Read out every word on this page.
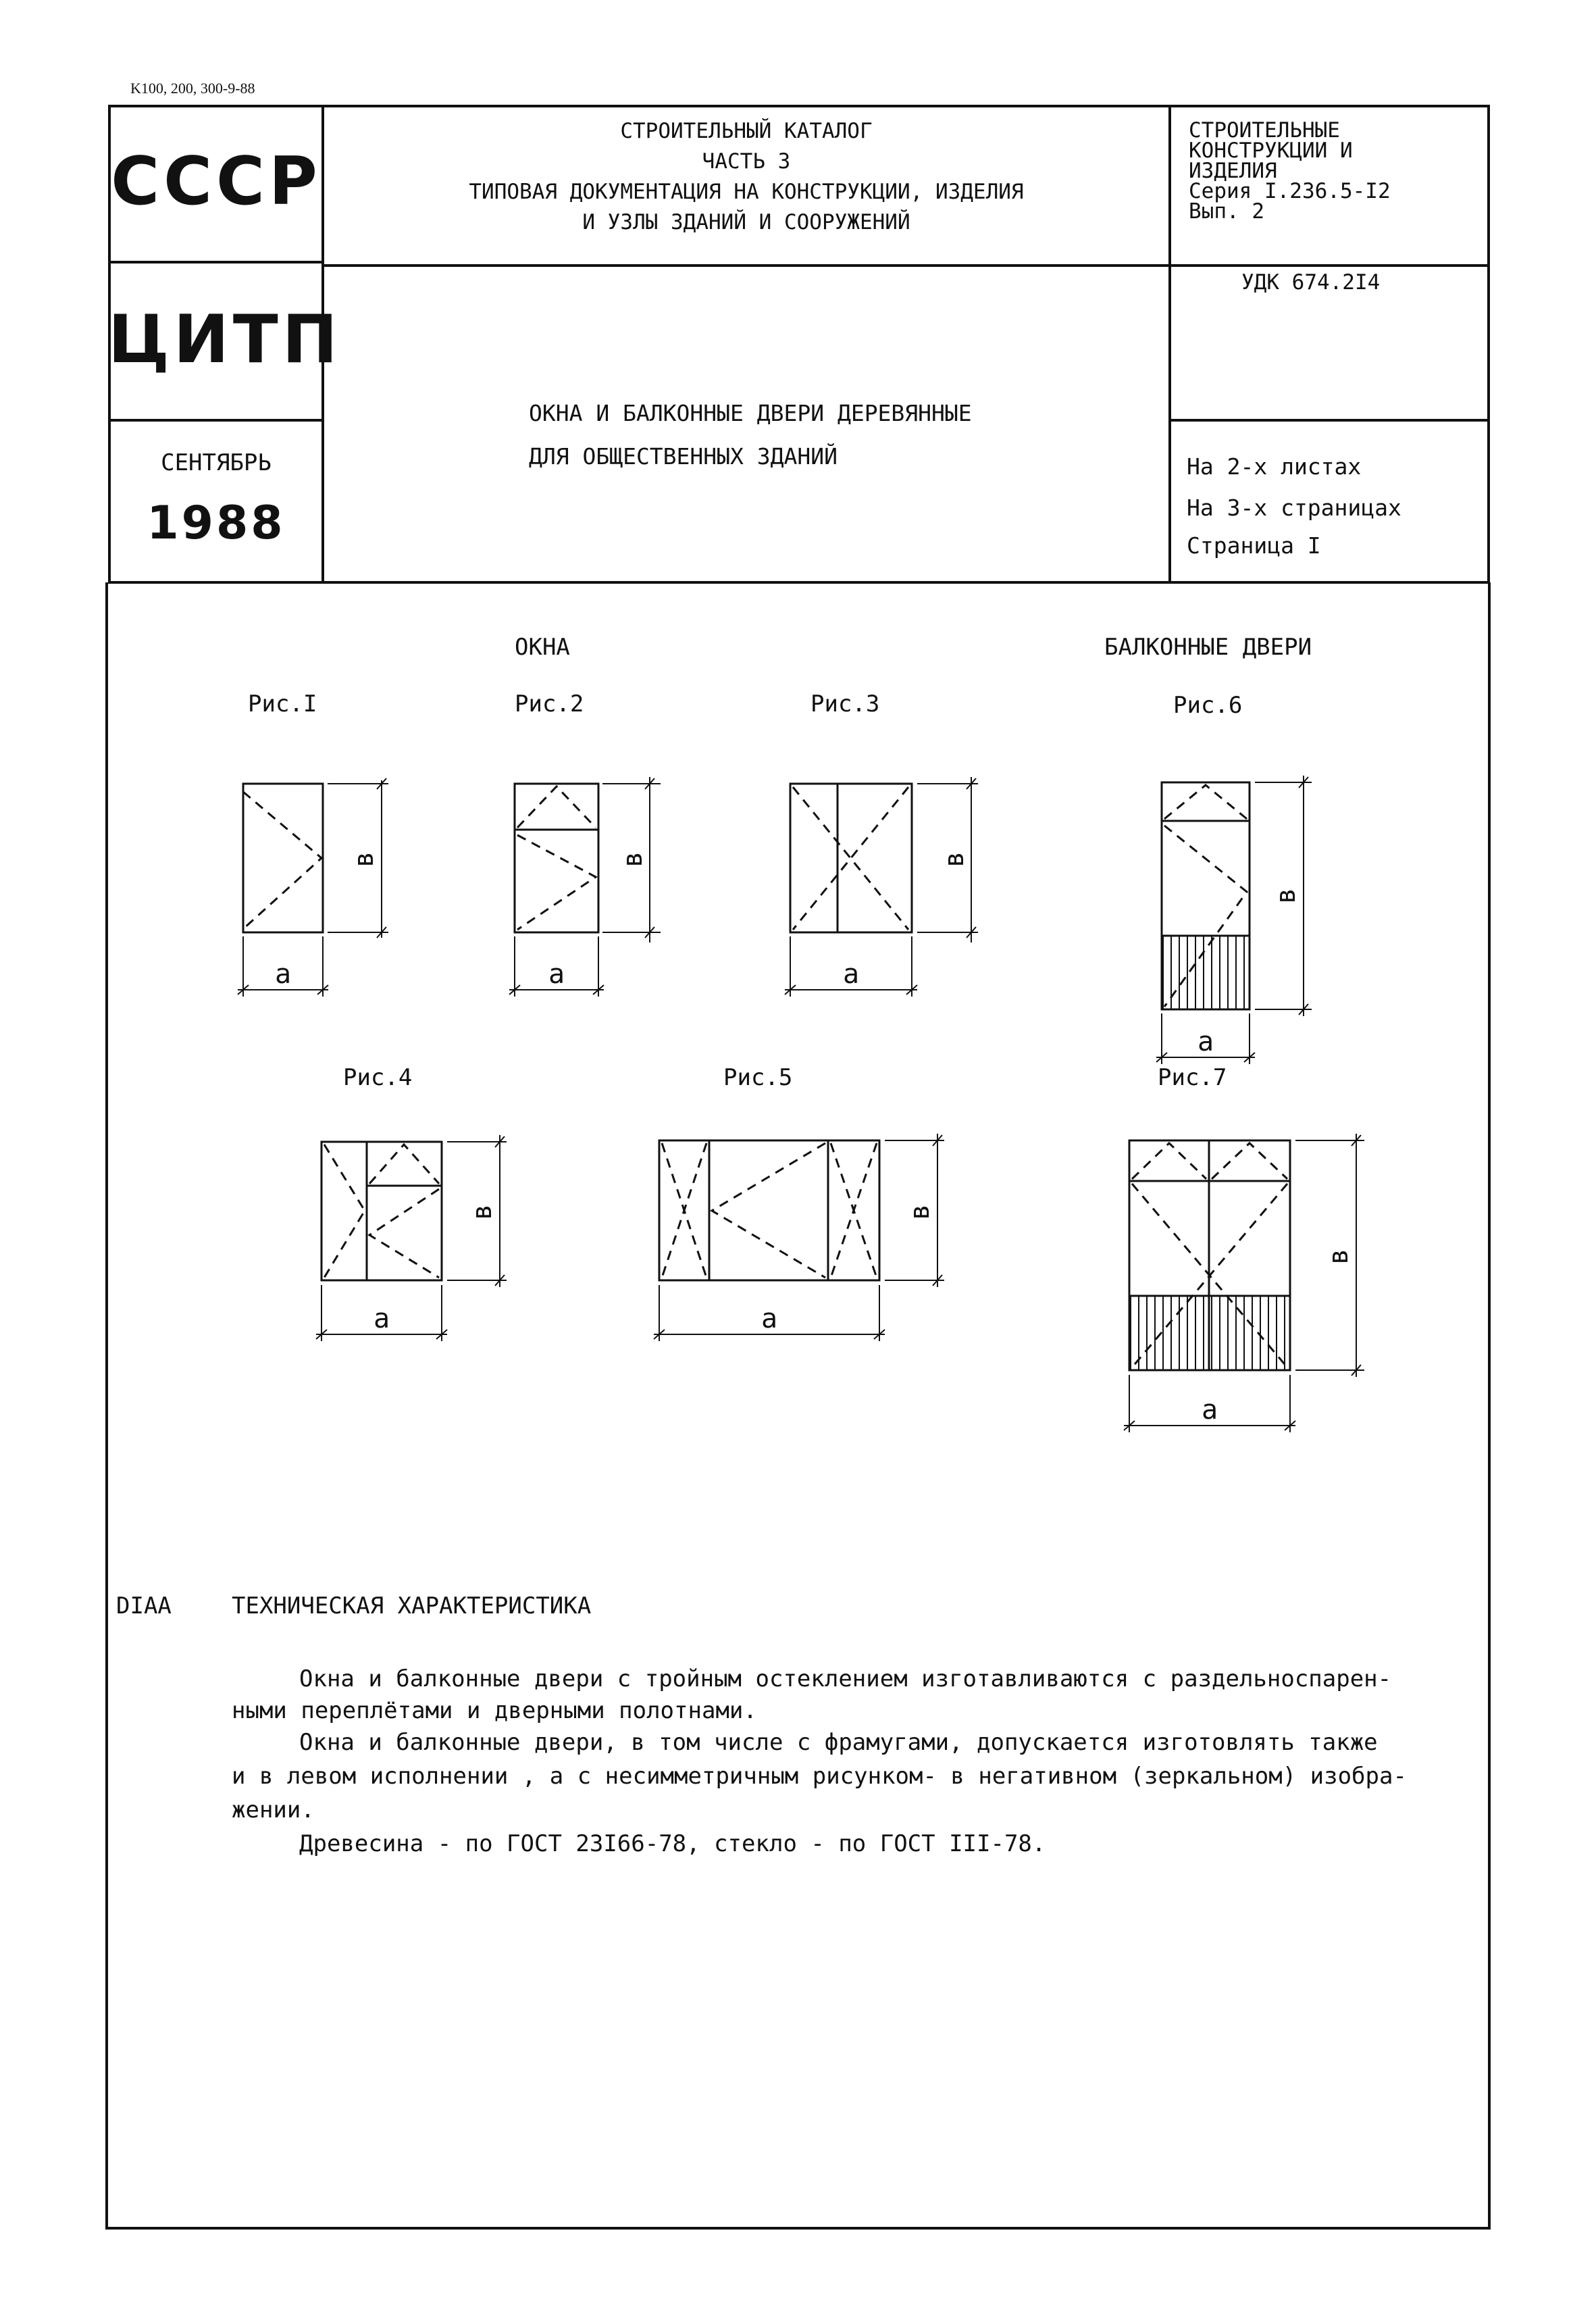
K100, 200, 300-9-88
СССР
ЦИТП
СЕНТЯБРЬ
1988
СТРОИТЕЛЬНЫЙ КАТАЛОГ
ЧАСТЬ 3
ТИПОВАЯ ДОКУМЕНТАЦИЯ НА КОНСТРУКЦИИ, ИЗДЕЛИЯ
И УЗЛЫ ЗДАНИЙ И СООРУЖЕНИЙ
СТРОИТЕЛЬНЫЕ
КОНСТРУКЦИИ И
ИЗДЕЛИЯ
Серия I.236.5-I2
Вып. 2
УДК 674.2I4
ОКНА И БАЛКОННЫЕ ДВЕРИ ДЕРЕВЯННЫЕ
ДЛЯ ОБЩЕСТВЕННЫХ ЗДАНИЙ	На 2-х листах
На 3-х страницах
Страница I
ОКНА	БАЛКОННЫЕ ДВЕРИ
Рис.I	Рис.2	Рис.3	Рис.6
Рис.4	Рис.5	Рис.7
a	a	a
a
a	a
a
в	в	в
в
в	в
в
DIAA	ТЕХНИЧЕСКАЯ ХАРАКТЕРИСТИКА
Окна и балконные двери с тройным остеклением изготавливаются с раздельноспарен-
ными переплётами и дверными полотнами.
Окна и балконные двери, в том числе с фрамугами, допускается изготовлять также
и в левом исполнении , а с несимметричным рисунком- в негативном (зеркальном) изобра-
жении.
Древесина - по ГОСТ 23I66-78, стекло - по ГОСТ III-78.
